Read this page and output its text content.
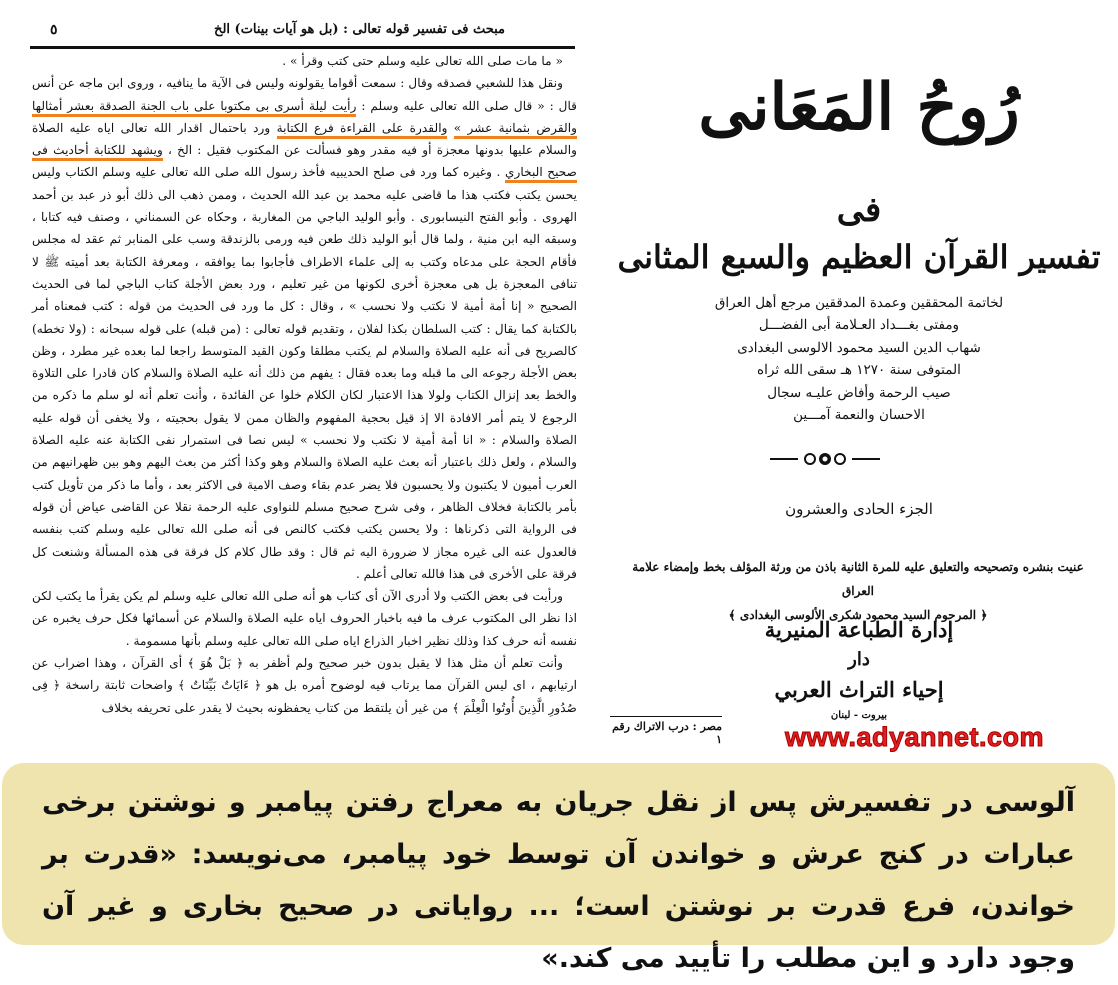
مبحث فى تفسير قوله تعالى : (بل هو آيات بينات) الخ
٥

« ما مات صلى الله تعالى عليه وسلم حتى كتب وقرأ » .

ونقل هذا للشعبي فصدقه وقال : سمعت أقواما يقولونه وليس فى الآية ما ينافيه ، وروى ابن ماجه عن أنس قال : « قال صلى الله تعالى عليه وسلم : رأيت ليلة أسرى بى مكتوبا على باب الجنة الصدقة بعشر أمثالها والقرض بثمانية عشر » والقدرة على القراءة فرع الكتابة ورد باحتمال اقدار الله تعالى اياه عليه الصلاة والسلام عليها بدونها معجزة أو فيه مقدر وهو فسألت عن المكتوب فقيل : الخ ، ويشهد للكتابة أحاديث فى صحيح البخاري . وغيره كما ورد فى صلح الحديبيه فأخذ رسول الله صلى الله تعالى عليه وسلم الكتاب وليس يحسن يكتب فكتب هذا ما قاضى عليه محمد بن عبد الله الحديث ، وممن ذهب الى ذلك أبو ذر عبد بن أحمد الهروى . وأبو الفتح النيسابورى . وأبو الوليد الباجي من المغاربة ، وحكاه عن السمناني ، وصنف فيه كتابا ، وسبقه اليه ابن منية ، ولما قال أبو الوليد ذلك طعن فيه ورمى بالزندقة وسب على المنابر ثم عقد له مجلس فأقام الحجة على مدعاه وكتب به إلى علماء الاطراف فأجابوا بما يوافقه ، ومعرفة الكتابة بعد أميته ﷺ لا تنافى المعجزة بل هى معجزة أخرى لكونها من غير تعليم ، ورد بعض الأجلة كتاب الباجي لما فى الحديث الصحيح « إنا أمة أمية لا نكتب ولا نحسب » ، وقال : كل ما ورد فى الحديث من قوله : كتب فمعناه أمر بالكتابة كما يقال : كتب السلطان بكذا لفلان ، وتقديم قوله تعالى : (من قبله) على قوله سبحانه : (ولا تخطه) كالصريح فى أنه عليه الصلاة والسلام لم يكتب مطلقا وكون القيد المتوسط راجعا لما بعده غير مطرد ، وظن بعض الأجلة رجوعه الى ما قبله وما بعده فقال : يفهم من ذلك أنه عليه الصلاة والسلام كان قادرا على التلاوة والخط بعد إنزال الكتاب ولولا هذا الاعتبار لكان الكلام خلوا عن الفائدة ، وأنت تعلم أنه لو سلم ما ذكره من الرجوع لا يتم أمر الافادة الا إذ قيل بحجية المفهوم والظان ممن لا يقول بحجيته ، ولا يخفى أن قوله عليه الصلاة والسلام : « انا أمة أمية لا نكتب ولا نحسب » ليس نصا فى استمرار نفى الكتابة عنه عليه الصلاة والسلام ، ولعل ذلك باعتبار أنه بعث عليه الصلاة والسلام وهو وكذا أكثر من بعث اليهم وهو بين ظهرانيهم من العرب أميون لا يكتبون ولا يحسبون فلا يضر عدم بقاء وصف الامية فى الاكثر بعد ، وأما ما ذكر من تأويل كتب بأمر بالكتابة فخلاف الظاهر ، وفى شرح صحيح مسلم للنواوى عليه الرحمة نقلا عن القاضى عياض أن قوله فى الرواية التى ذكرناها : ولا يحسن يكتب فكتب كالنص فى أنه صلى الله تعالى عليه وسلم كتب بنفسه فالعدول عنه الى غيره مجاز لا ضرورة اليه ثم قال : وقد طال كلام كل فرقة فى هذه المسألة وشنعت كل فرقة على الأخرى فى هذا فالله تعالى أعلم .

ورأيت فى بعض الكتب ولا أدرى الآن أى كتاب هو أنه صلى الله تعالى عليه وسلم لم يكن يقرأ ما يكتب لكن اذا نظر الى المكتوب عرف ما فيه باخبار الحروف اياه عليه الصلاة والسلام عن أسمائها فكل حرف يخبره عن نفسه أنه حرف كذا وذلك نظير اخبار الذراع اياه صلى الله تعالى عليه وسلم بأنها مسمومة .

وأنت تعلم أن مثل هذا لا يقبل بدون خبر صحيح ولم أظفر به ﴿ بَلْ هُوَ ﴾ أى القرآن ، وهذا اضراب عن ارتيابهم ، اى ليس القرآن مما يرتاب فيه لوضوح أمره بل هو ﴿ ءَايَاتٌ بَيِّنَاتٌ ﴾ واضحات ثابتة راسخة ﴿ فِى صُدُورِ الَّذِينَ أُوتُوا الْعِلْمَ ﴾ من غير أن يلتقط من كتاب يحفظونه بحيث لا يقدر على تحريفه بخلاف

رُوحُ المَعَانى
فى
تفسير القرآن العظيم والسبع المثانى
لخاتمة المحققين وعمدة المدققين مرجع أهل العراق
ومفتى بغـــداد العـلامة أبى الفضـــل
شهاب الدين السيد محمود الالوسى البغدادى
المتوفى سنة ١٢٧٠ هـ سقى الله ثراه
صيب الرحمة وأفاض عليـه سجال
الاحسان والنعمة آمـــين
الجزء الحادى والعشرون
عنيت بنشره وتصحيحه والتعليق عليه للمرة الثانية باذن من ورثة المؤلف بخط وإمضاء علامة العراق
﴿ المرحوم السيد محمود شكرى الألوسى البغدادى ﴾
إدارة الطباعة المنيرية
دار
إحياء التراث العربي
بيروت - لبنان
مصر : درب الاتراك رقم ١ www.adyannet.com
آلوسی در تفسیرش پس از نقل جریان به معراج رفتن پیامبر و نوشتن برخی عبارات در کنج عرش و خواندن آن توسط خود پیامبر، می‌نویسد: «قدرت بر خواندن، فرع قدرت بر نوشتن است؛ ... روایاتی در صحیح بخاری و غیر آن وجود دارد و این مطلب را تأیید می کند.»
